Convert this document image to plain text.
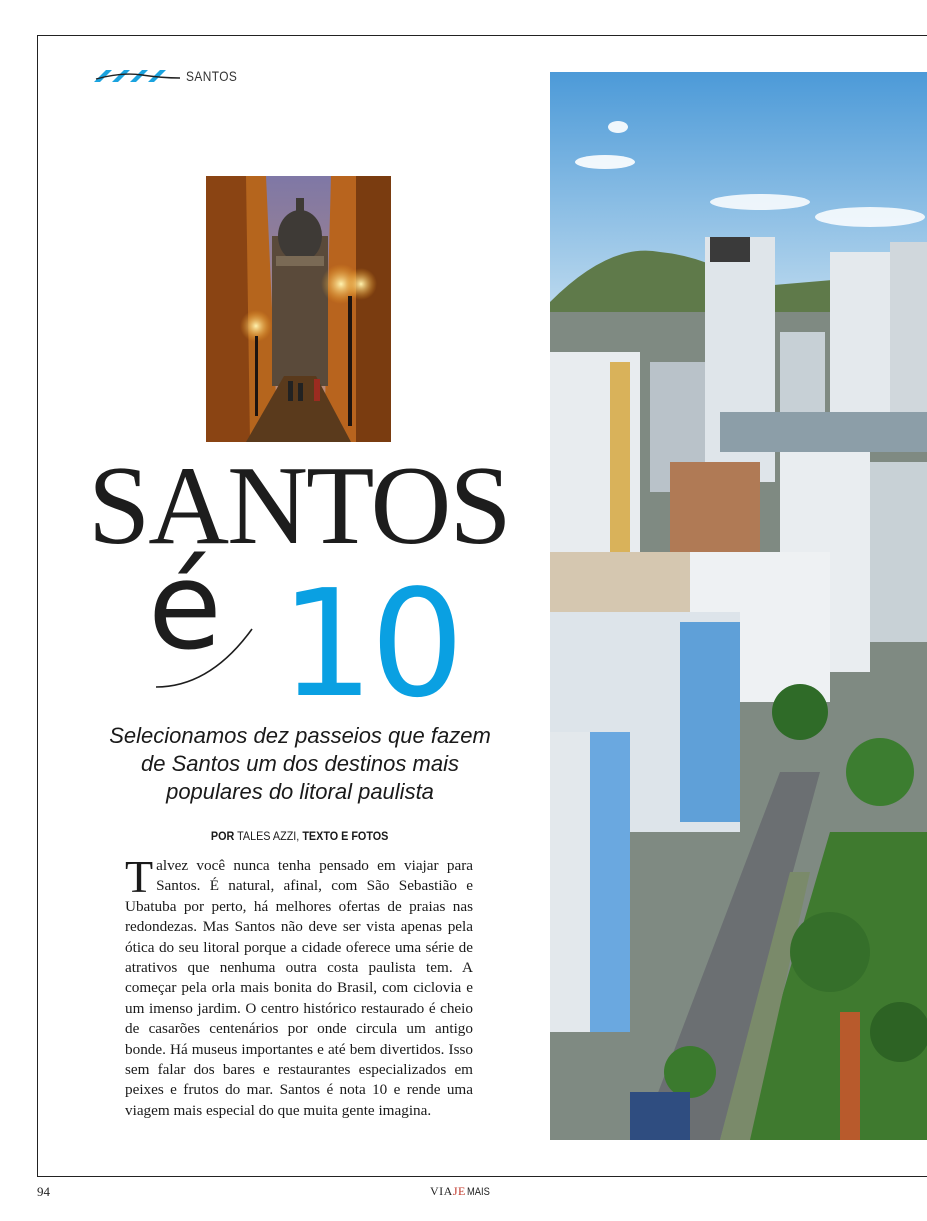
SANTOS
SANTOS
é 10
Selecionamos dez passeios que fazem de Santos um dos destinos mais populares do litoral paulista
POR TALES AZZI, TEXTO E FOTOS
Talvez você nunca tenha pensado em viajar para Santos. É natural, afinal, com São Sebastião e Ubatuba por perto, há melhores ofertas de praias nas redondezas. Mas Santos não deve ser vista apenas pela ótica do seu litoral porque a cidade oferece uma série de atrativos que nenhuma outra costa paulista tem. A começar pela orla mais bonita do Brasil, com ciclovia e um imenso jardim. O centro histórico restaurado é cheio de casarões centenários por onde circula um antigo bonde. Há museus importantes e até bem divertidos. Isso sem falar dos bares e restaurantes especializados em peixes e frutos do mar. Santos é nota 10 e rende uma viagem mais especial do que muita gente imagina.
94	VIAJE MAIS
